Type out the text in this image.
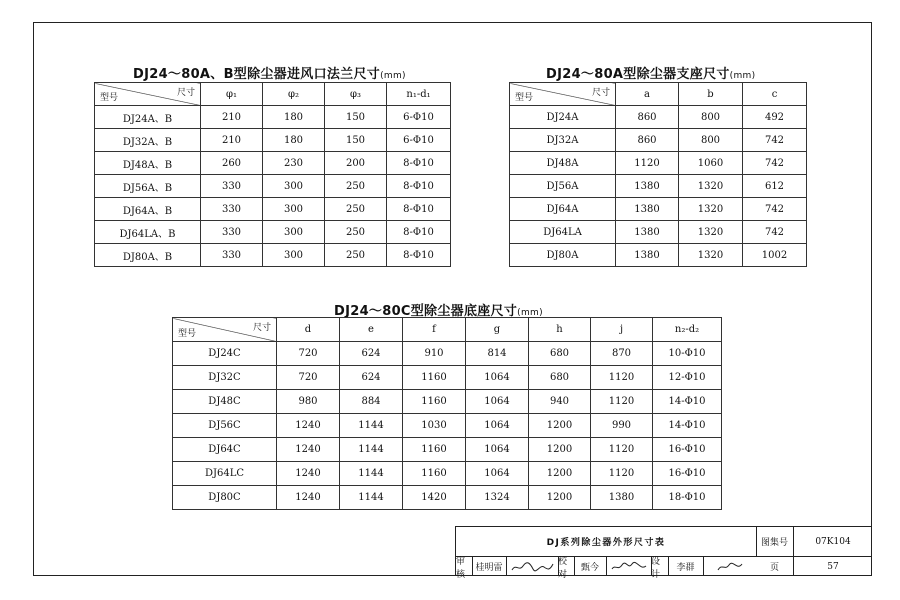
DJ24～80A、B型除尘器进风口法兰尺寸(mm)
尺寸
型号	φ₁	φ₂	φ₃	n₁-d₁
DJ24A、B	210	180	150	6-Φ10
DJ32A、B	210	180	150	6-Φ10
DJ48A、B	260	230	200	8-Φ10
DJ56A、B	330	300	250	8-Φ10
DJ64A、B	330	300	250	8-Φ10
DJ64LA、B	330	300	250	8-Φ10
DJ80A、B	330	300	250	8-Φ10
DJ24～80A型除尘器支座尺寸(mm)
尺寸
型号	a	b	c
DJ24A	860	800	492
DJ32A	860	800	742
DJ48A	1120	1060	742
DJ56A	1380	1320	612
DJ64A	1380	1320	742
DJ64LA	1380	1320	742
DJ80A	1380	1320	1002
DJ24～80C型除尘器底座尺寸(mm)
尺寸
型号	d	e	f	g	h	j	n₂-d₂
DJ24C	720	624	910	814	680	870	10-Φ10
DJ32C	720	624	1160	1064	680	1120	12-Φ10
DJ48C	980	884	1160	1064	940	1120	14-Φ10
DJ56C	1240	1144	1030	1064	1200	990	14-Φ10
DJ64C	1240	1144	1160	1064	1200	1120	16-Φ10
DJ64LC	1240	1144	1160	1064	1200	1120	16-Φ10
DJ80C	1240	1144	1420	1324	1200	1380	18-Φ10
DJ系列除尘器外形尺寸表	图集号	07K104
审核
桂明雷
校对
甄今
设计
李群	页	57
